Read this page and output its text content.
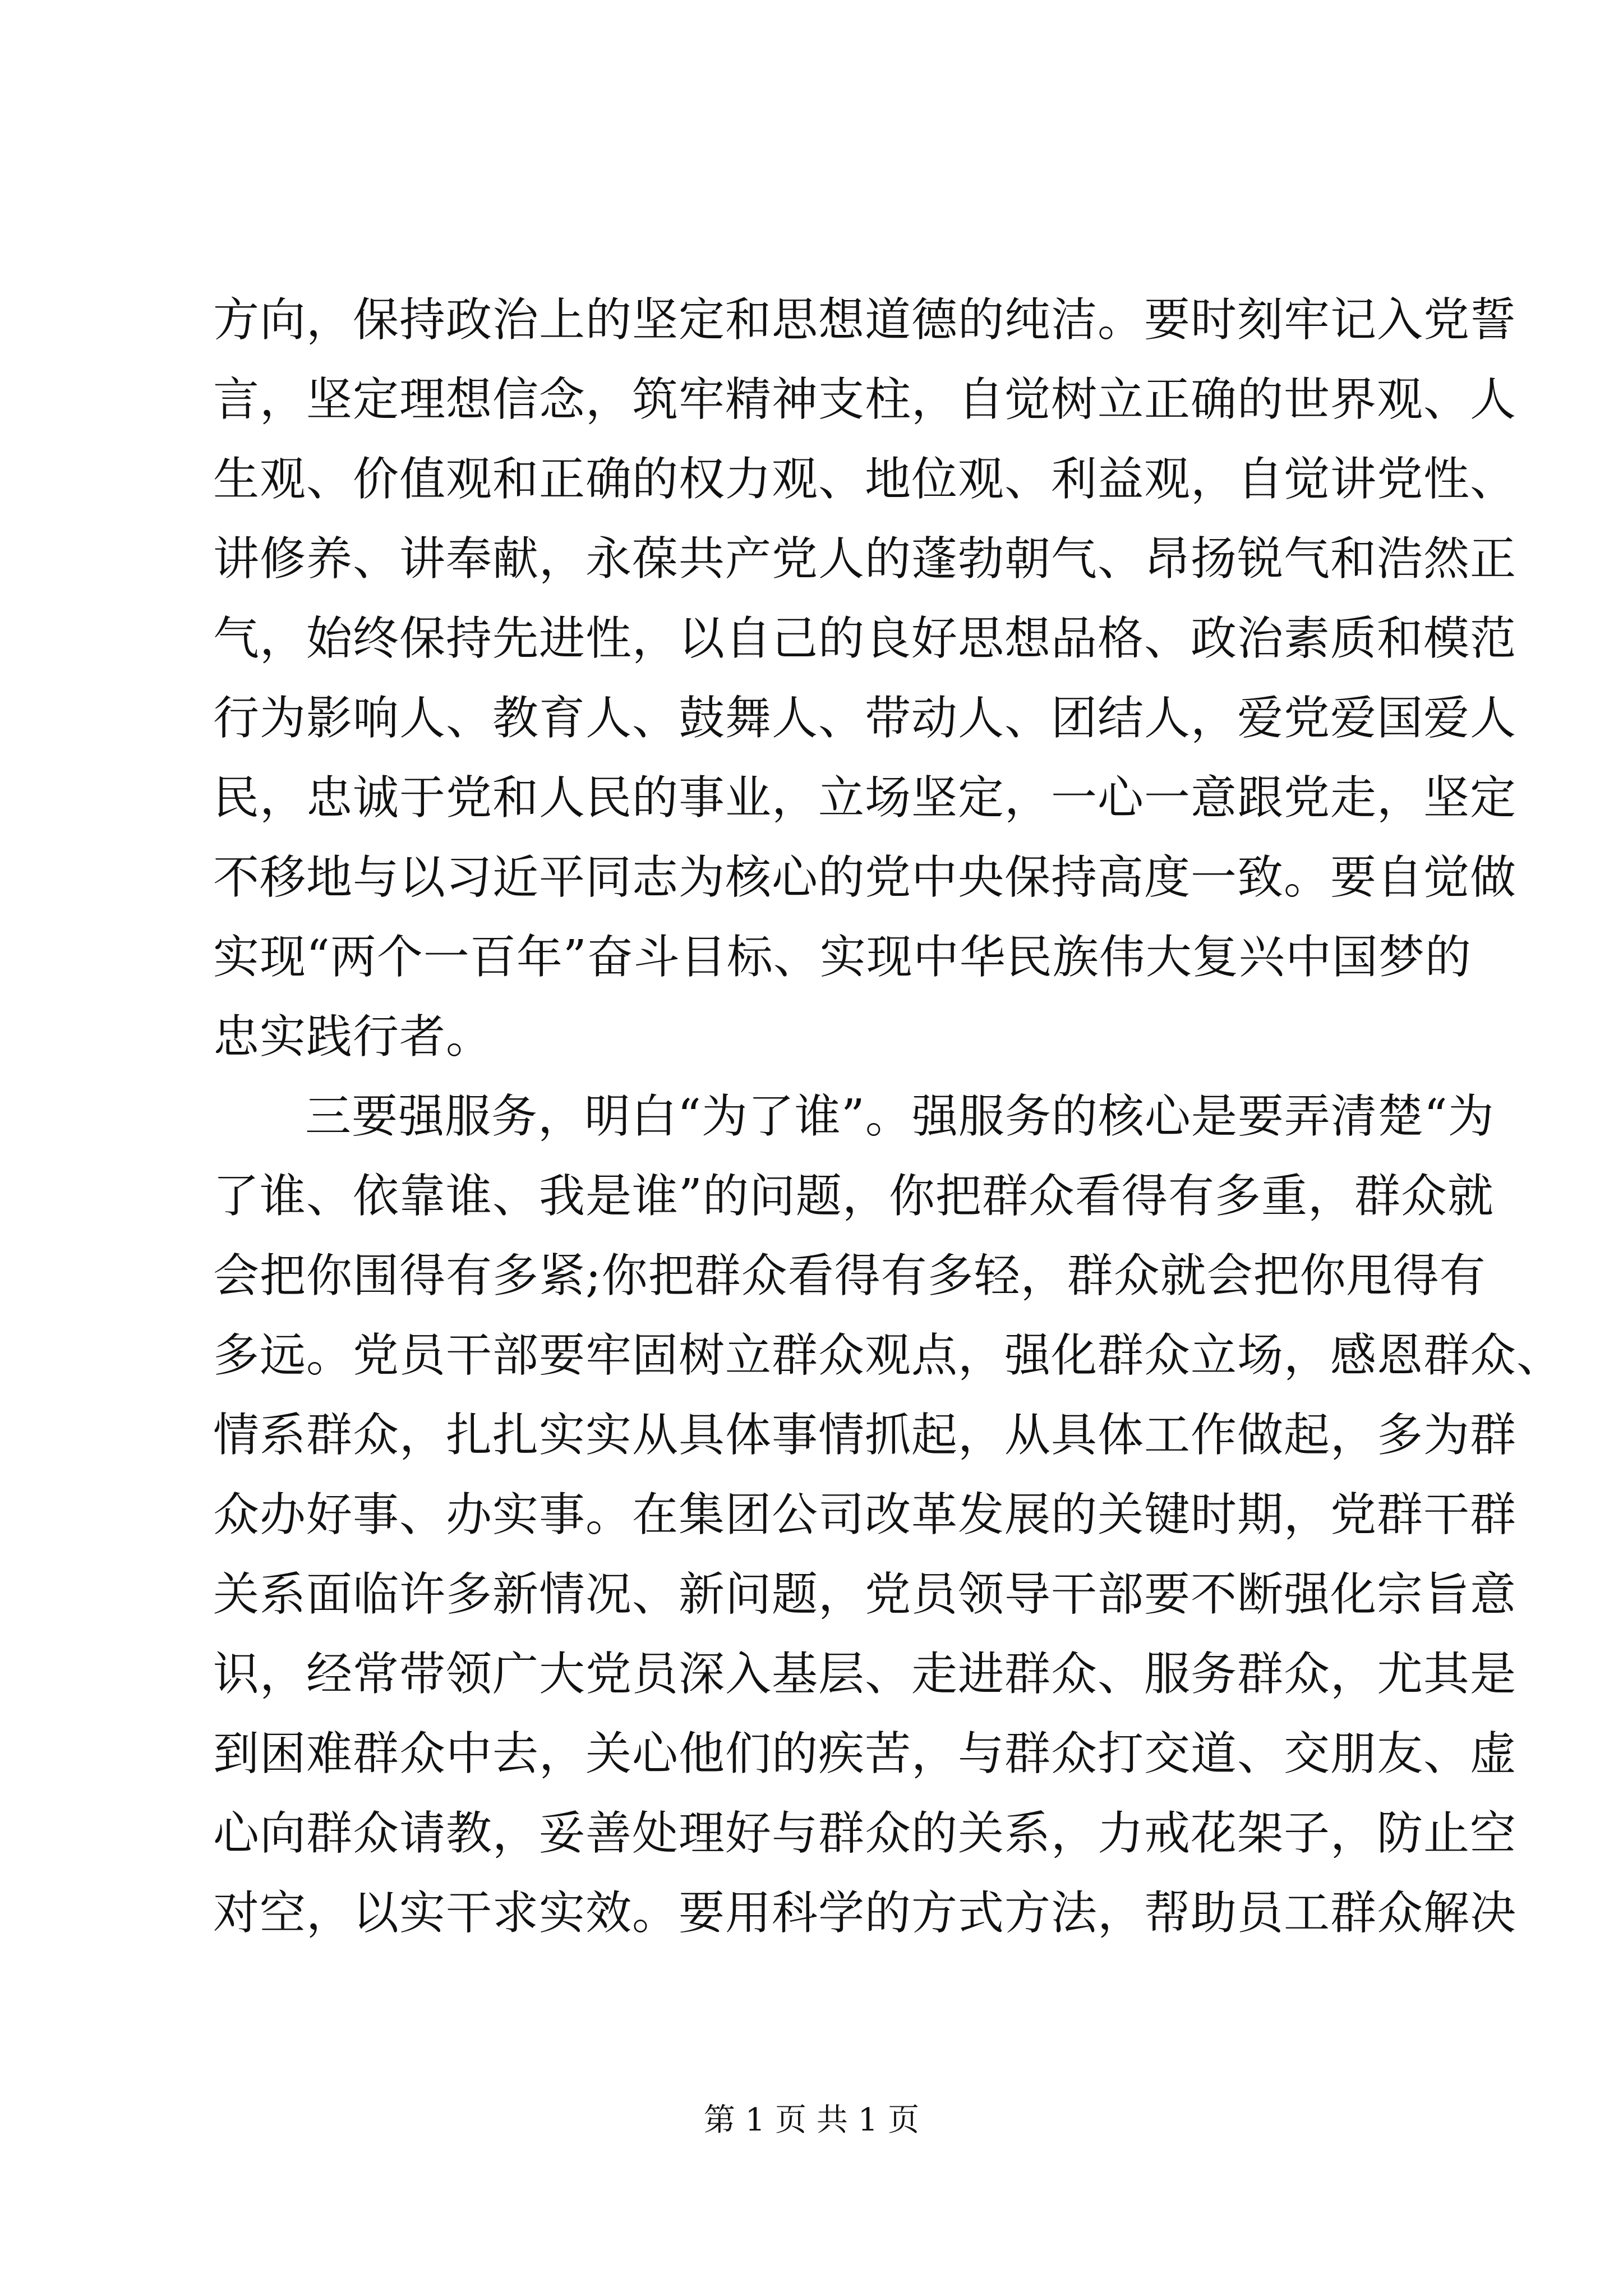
方向，保持政治上的坚定和思想道德的纯洁。要时刻牢记入党誓
言，坚定理想信念，筑牢精神支柱，自觉树立正确的世界观、人
生观、价值观和正确的权力观、地位观、利益观，自觉讲党性、
讲修养、讲奉献，永葆共产党人的蓬勃朝气、昂扬锐气和浩然正
气，始终保持先进性，以自己的良好思想品格、政治素质和模范
行为影响人、教育人、鼓舞人、带动人、团结人，爱党爱国爱人
民，忠诚于党和人民的事业，立场坚定，一心一意跟党走，坚定
不移地与以习近平同志为核心的党中央保持高度一致。要自觉做
实现“两个一百年”奋斗目标、实现中华民族伟大复兴中国梦的
忠实践行者。
三要强服务，明白“为了谁”。强服务的核心是要弄清楚“为
了谁、依靠谁、我是谁”的问题，你把群众看得有多重，群众就
会把你围得有多紧;你把群众看得有多轻，群众就会把你甩得有
多远。党员干部要牢固树立群众观点，强化群众立场，感恩群众、
情系群众，扎扎实实从具体事情抓起，从具体工作做起，多为群
众办好事、办实事。在集团公司改革发展的关键时期，党群干群
关系面临许多新情况、新问题，党员领导干部要不断强化宗旨意
识，经常带领广大党员深入基层、走进群众、服务群众，尤其是
到困难群众中去，关心他们的疾苦，与群众打交道、交朋友、虚
心向群众请教，妥善处理好与群众的关系，力戒花架子，防止空
对空，以实干求实效。要用科学的方式方法，帮助员工群众解决
第 1 页 共 1 页
